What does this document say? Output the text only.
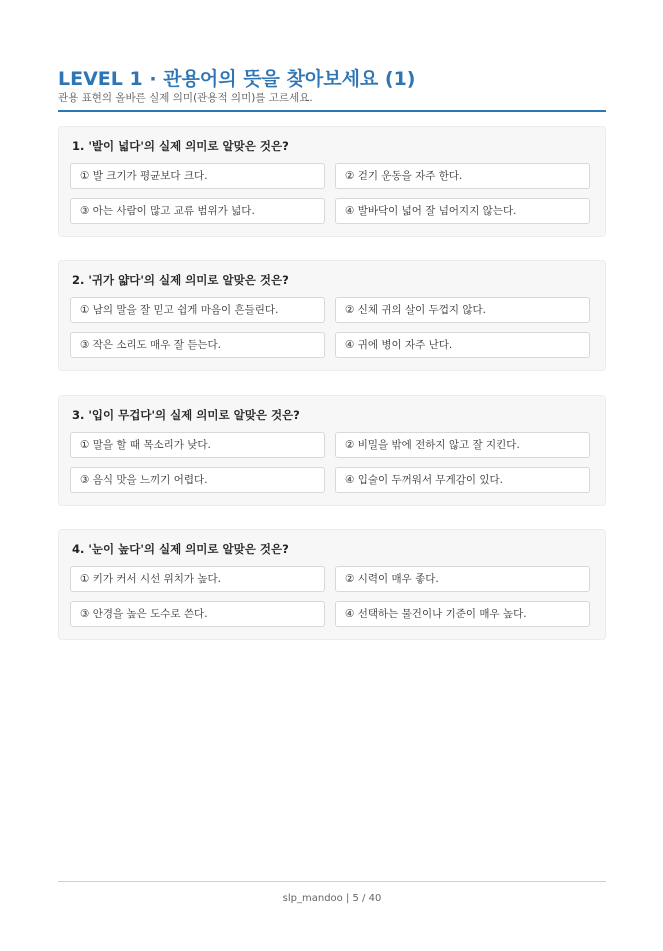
LEVEL 1 · 관용어의 뜻을 찾아보세요 (1)
관용 표현의 올바른 실제 의미(관용적 의미)를 고르세요.
1. '발이 넓다'의 실제 의미로 알맞은 것은?
① 발 크기가 평균보다 크다.	② 걷기 운동을 자주 한다.
③ 아는 사람이 많고 교류 범위가 넓다.	④ 발바닥이 넓어 잘 넘어지지 않는다.
2. '귀가 얇다'의 실제 의미로 알맞은 것은?
① 남의 말을 잘 믿고 쉽게 마음이 흔들린다.	② 신체 귀의 살이 두껍지 않다.
③ 작은 소리도 매우 잘 듣는다.	④ 귀에 병이 자주 난다.
3. '입이 무겁다'의 실제 의미로 알맞은 것은?
① 말을 할 때 목소리가 낮다.	② 비밀을 밖에 전하지 않고 잘 지킨다.
③ 음식 맛을 느끼기 어렵다.	④ 입술이 두꺼워서 무게감이 있다.
4. '눈이 높다'의 실제 의미로 알맞은 것은?
① 키가 커서 시선 위치가 높다.	② 시력이 매우 좋다.
③ 안경을 높은 도수로 쓴다.	④ 선택하는 물건이나 기준이 매우 높다.
slp_mandoo | 5 / 40
